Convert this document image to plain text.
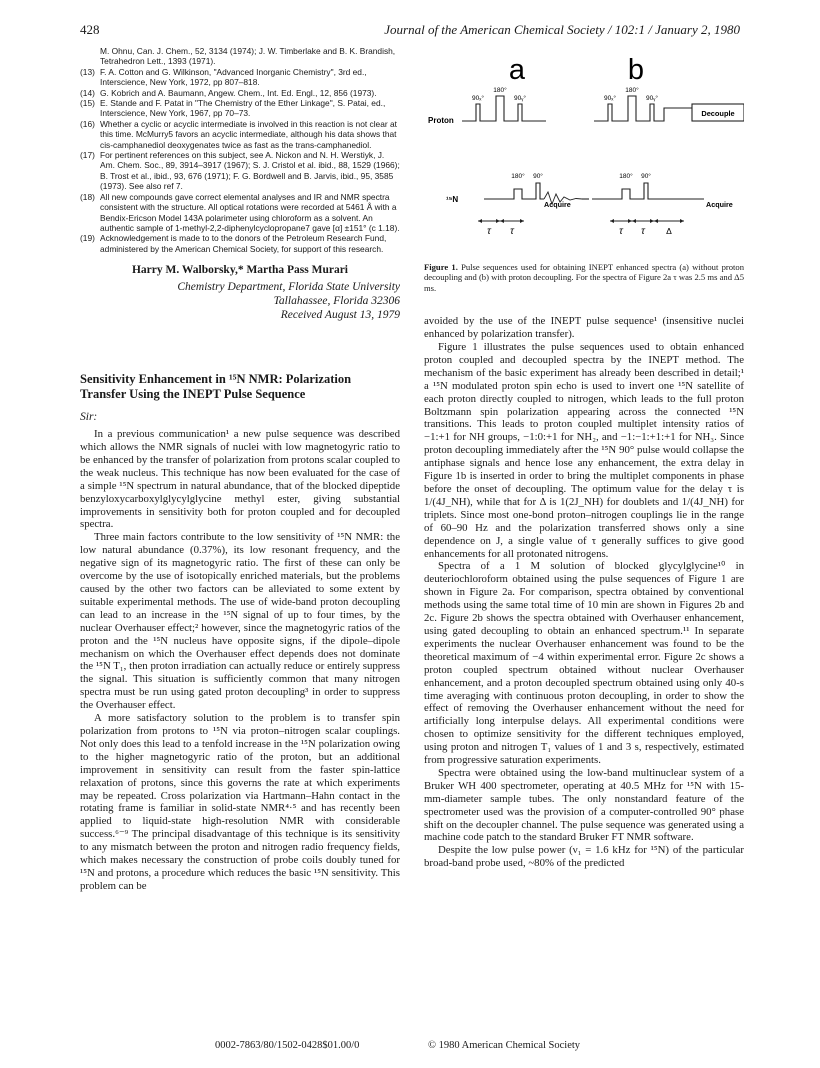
428	Journal of the American Chemical Society / 102:1 / January 2, 1980
M. Ohnu, Can. J. Chem., 52, 3134 (1974); J. W. Timberlake and B. K. Brandish, Tetrahedron Lett., 1393 (1971).
(13) F. A. Cotton and G. Wilkinson, "Advanced Inorganic Chemistry", 3rd ed., Interscience, New York, 1972, pp 807–818.
(14) G. Kobrich and A. Baumann, Angew. Chem., Int. Ed. Engl., 12, 856 (1973).
(15) E. Stande and F. Patat in "The Chemistry of the Ether Linkage", S. Patai, ed., Interscience, New York, 1967, pp 70–73.
(16) Whether a cyclic or acyclic intermediate is involved in this reaction is not clear at this time. McMurry5 favors an acyclic intermediate, although his data shows that cis-camphanediol deoxygenates twice as fast as the trans-camphanediol.
(17) For pertinent references on this subject, see A. Nickon and N. H. Werstiyk, J. Am. Chem. Soc., 89, 3914–3917 (1967); S. J. Cristol et al. ibid., 88, 1529 (1966); B. Trost et al., ibid., 93, 676 (1971); F. G. Bordwell and B. Jarvis, ibid., 95, 3585 (1973). See also ref 7.
(18) All new compounds gave correct elemental analyses and IR and NMR spectra consistent with the structure. All optical rotations were recorded at 5461 Å with a Bendix-Ericson Model 143A polarimeter using chloroform as a solvent. An authentic sample of 1-methyl-2,2-diphenylcyclopropane7 gave [α] ±151° (c 1.18).
(19) Acknowledgement is made to to the donors of the Petroleum Research Fund, administered by the American Chemical Society, for support of this research.
Harry M. Walborsky,* Martha Pass Murari
Chemistry Department, Florida State University
Tallahassee, Florida 32306
Received August 13, 1979
Sensitivity Enhancement in ¹⁵N NMR: Polarization
Transfer Using the INEPT Pulse Sequence
Sir:

In a previous communication¹ a new pulse sequence was described which allows the NMR signals of nuclei with low magnetogyric ratio to be enhanced by the transfer of polarization from protons scalar coupled to the weak nucleus. This technique has now been evaluated for the case of a simple ¹⁵N spectrum in natural abundance, that of the blocked dipeptide benzyloxycarboxylglycylglycine methyl ester, giving substantial improvements in sensitivity both for proton coupled and for decoupled spectra.

Three main factors contribute to the low sensitivity of ¹⁵N NMR: the low natural abundance (0.37%), its low resonant frequency, and the negative sign of its magnetogyric ratio. The first of these can only be overcome by the use of isotopically enriched materials, but the problems caused by the other two factors can be alleviated to some extent by suitable experimental methods. The use of wide-band proton decoupling can lead to an increase in the ¹⁵N signal of up to four times, by the nuclear Overhauser effect;² however, since the magnetogyric ratios of the proton and the ¹⁵N nucleus have opposite signs, if the dipole–dipole mechanism on which the Overhauser effect depends does not dominate the ¹⁵N T₁, then proton irradiation can actually reduce or entirely suppress the signal. This situation is sufficiently common that many nitrogen spectra must be run using gated proton decoupling³ in order to suppress the Overhauser effect.

A more satisfactory solution to the problem is to transfer spin polarization from protons to ¹⁵N via proton–nitrogen scalar couplings. Not only does this lead to a tenfold increase in the ¹⁵N polarization owing to the higher magnetogyric ratio of the proton, but an additional improvement in sensitivity can result from the faster spin-lattice relaxation of protons, since this governs the rate at which experiments may be repeated. Cross polarization via Hartmann–Hahn contact in the rotating frame is familiar in solid-state NMR⁴·⁵ and has recently been applied to liquid-state high-resolution NMR with considerable success.⁶⁻⁹ The principal disadvantage of this technique is its sensitivity to any mismatch between the proton and nitrogen radio frequency fields, which makes necessary the construction of probe coils doubly tuned for ¹⁵N and protons, a procedure which reduces the basic ¹⁵N sensitivity. This problem can be

Decouple
a	b
Proton
¹⁵N
90ₓ°
180°
90ᵧ°	90ₓ°
180°
90ᵧ°
180° 90°	180° 90°
Acquire	Acquire
τ τ	τ τ	Δ
Figure 1. Pulse sequences used for obtaining INEPT enhanced spectra (a) without proton decoupling and (b) with proton decoupling. For the spectra of Figure 2a τ was 2.5 ms and Δ5 ms.

avoided by the use of the INEPT pulse sequence¹ (insensitive nuclei enhanced by polarization transfer).

Figure 1 illustrates the pulse sequences used to obtain enhanced proton coupled and decoupled spectra by the INEPT method. The mechanism of the basic experiment has already been described in detail;¹ a ¹⁵N modulated proton spin echo is used to invert one ¹⁵N satellite of each proton directly coupled to nitrogen, which leads to the full proton Boltzmann spin polarization appearing across the connected ¹⁵N transitions. This leads to proton coupled multiplet intensity ratios of −1:+1 for NH groups, −1:0:+1 for NH₂, and −1:−1:+1:+1 for NH₃. Since proton decoupling immediately after the ¹⁵N 90° pulse would collapse the antiphase signals and hence lose any enhancement, the extra delay in Figure 1b is inserted in order to bring the multiplet components in phase before the onset of decoupling. The optimum value for the delay τ is 1/(4J_NH), while that for Δ is 1(2J_NH) for doublets and 1/(4J_NH) for triplets. Since most one-bond proton–nitrogen couplings lie in the range of 60–90 Hz and the polarization transferred shows only a sine dependence on J, a single value of τ generally suffices to give good enhancements for all protonated nitrogens.

Spectra of a 1 M solution of blocked glycylglycine¹⁰ in deuteriochloroform obtained using the pulse sequences of Figure 1 are shown in Figure 2a. For comparison, spectra obtained by conventional methods using the same total time of 10 min are shown in Figures 2b and 2c. Figure 2b shows the spectra obtained with Overhauser enhancement, using gated decoupling to obtain an enhanced spectrum.¹¹ In separate experiments the nuclear Overhauser enhancement was found to be the theoretical maximum of −4 within experimental error. Figure 2c shows a proton coupled spectrum obtained without nuclear Overhauser enhancement, and a proton decoupled spectrum obtained using only 40-s time averaging with continuous proton decoupling, in order to show the effect of removing the Overhauser enhancement without the need for artificially long interpulse delays. All experimental conditions were chosen to optimize sensitivity for the different techniques employed, using proton and nitrogen T₁ values of 1 and 3 s, respectively, estimated from progressive saturation experiments.

Spectra were obtained using the low-band multinuclear system of a Bruker WH 400 spectrometer, operating at 40.5 MHz for ¹⁵N with 15-mm-diameter sample tubes. The only nonstandard feature of the spectrometer used was the provision of a computer-controlled 90° phase shift on the decoupler channel. The pulse sequence was generated using a machine code patch to the standard Bruker FT NMR software.

Despite the low pulse power (ν₁ = 1.6 kHz for ¹⁵N) of the particular broad-band probe used, ~80% of the predicted

0002-7863/80/1502-0428$01.00/0	© 1980 American Chemical Society
